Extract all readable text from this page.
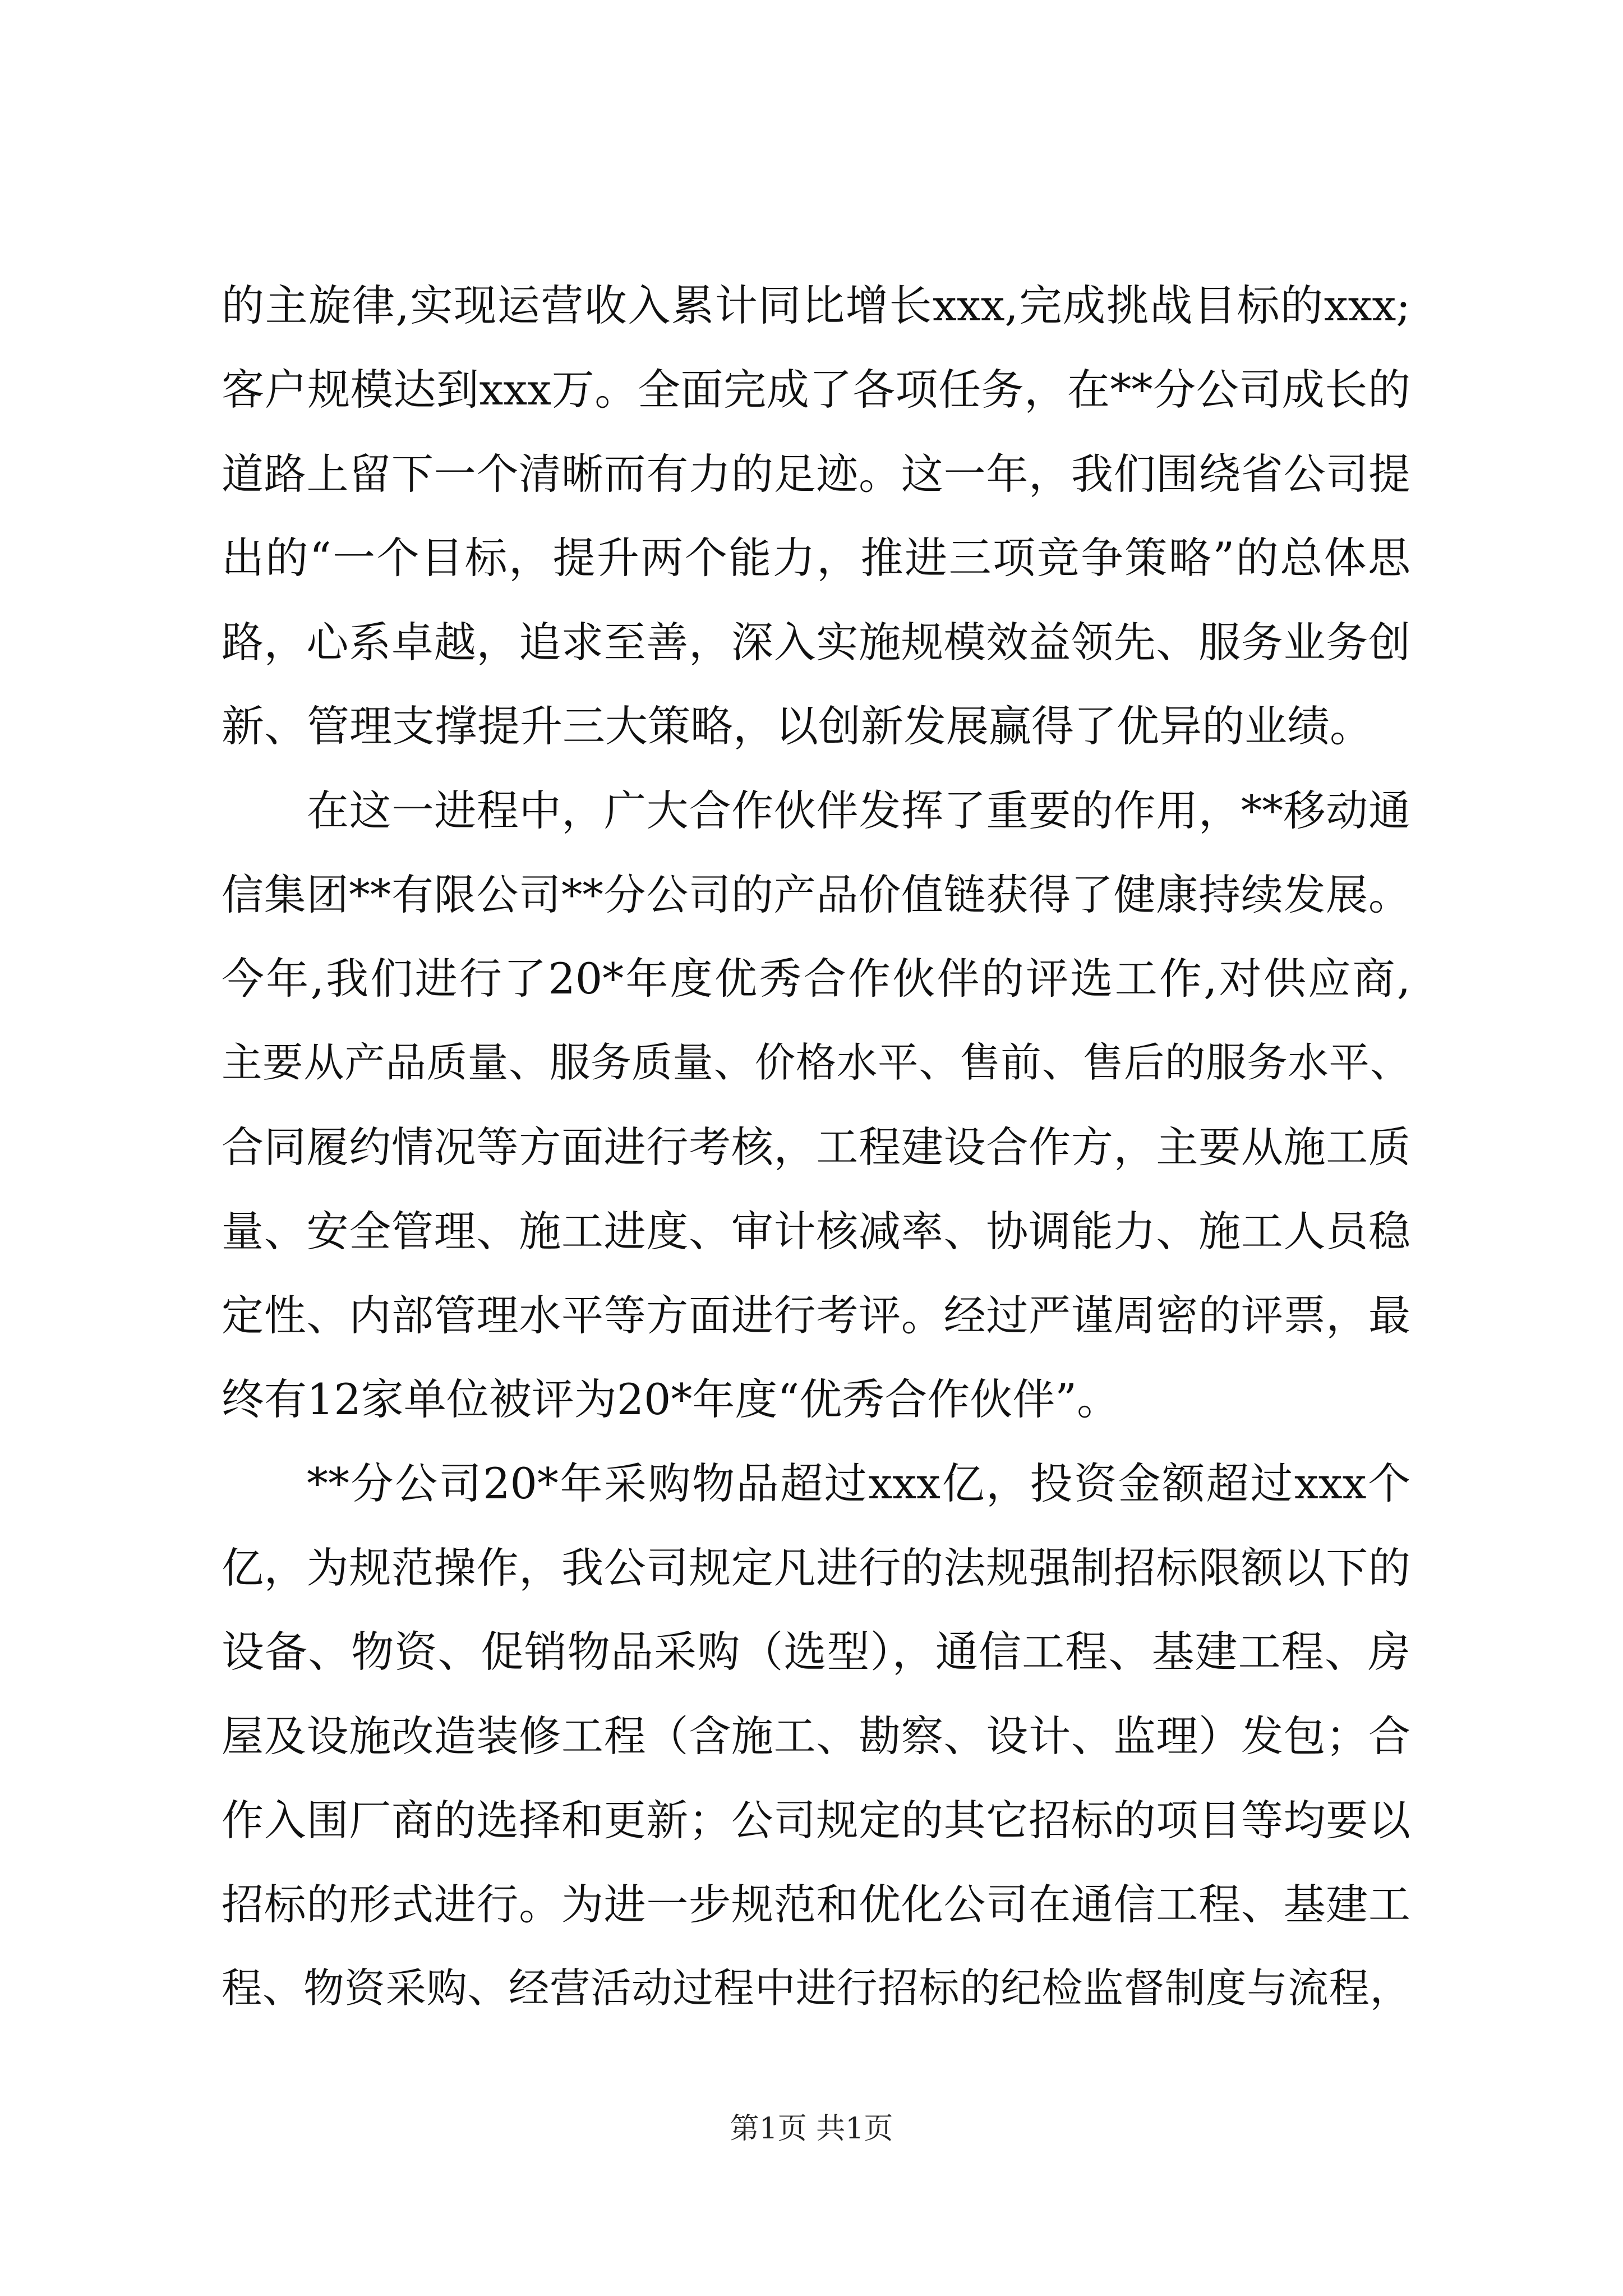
的主旋律,实现运营收入累计同比增长xxx,完成挑战目标的xxx;
客户规模达到xxx万。全面完成了各项任务，在**分公司成长的
道路上留下一个清晰而有力的足迹。这一年，我们围绕省公司提
出的“一个目标，提升两个能力，推进三项竞争策略”的总体思
路，心系卓越，追求至善，深入实施规模效益领先、服务业务创
新、管理支撑提升三大策略，以创新发展赢得了优异的业绩。
在这一进程中，广大合作伙伴发挥了重要的作用，**移动通
信集团**有限公司**分公司的产品价值链获得了健康持续发展。
今年,我们进行了20*年度优秀合作伙伴的评选工作,对供应商,
主要从产品质量、服务质量、价格水平、售前、售后的服务水平、
合同履约情况等方面进行考核，工程建设合作方，主要从施工质
量、安全管理、施工进度、审计核减率、协调能力、施工人员稳
定性、内部管理水平等方面进行考评。经过严谨周密的评票，最
终有12家单位被评为20*年度“优秀合作伙伴”。
**分公司20*年采购物品超过xxx亿，投资金额超过xxx个
亿，为规范操作，我公司规定凡进行的法规强制招标限额以下的
设备、物资、促销物品采购（选型），通信工程、基建工程、房
屋及设施改造装修工程（含施工、勘察、设计、监理）发包；合
作入围厂商的选择和更新；公司规定的其它招标的项目等均要以
招标的形式进行。为进一步规范和优化公司在通信工程、基建工
程、物资采购、经营活动过程中进行招标的纪检监督制度与流程，
第1页 共1页
